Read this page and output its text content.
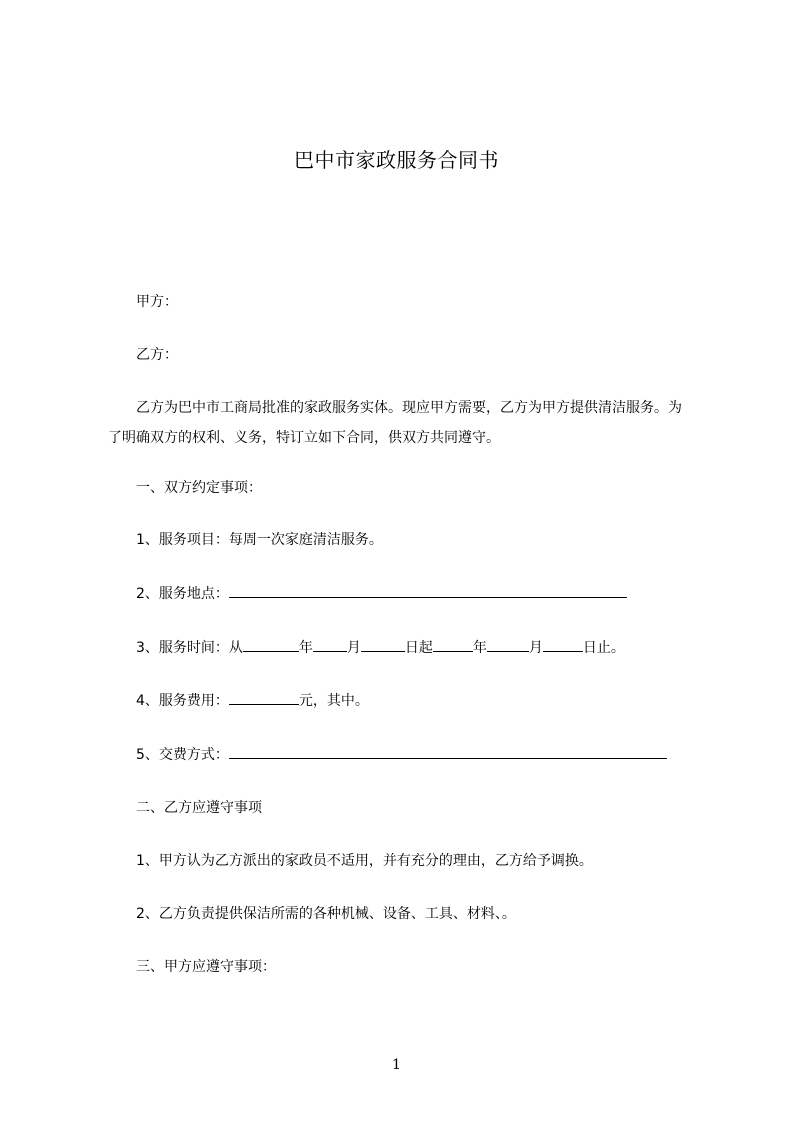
巴中市家政服务合同书
甲方：
乙方：
乙方为巴中市工商局批准的家政服务实体。现应甲方需要，乙方为甲方提供清洁服务。为了明确双方的权利、义务，特订立如下合同，供双方共同遵守。
一、双方约定事项：
1、服务项目：每周一次家庭清洁服务。
2、服务地点：
3、服务时间：从	年 月	日起	年	月	日止。
4、服务费用：	元，其中。
5、交费方式：
二、乙方应遵守事项
1、甲方认为乙方派出的家政员不适用，并有充分的理由，乙方给予调换。
2、乙方负责提供保洁所需的各种机械、设备、工具、材料、。
三、甲方应遵守事项：
1
